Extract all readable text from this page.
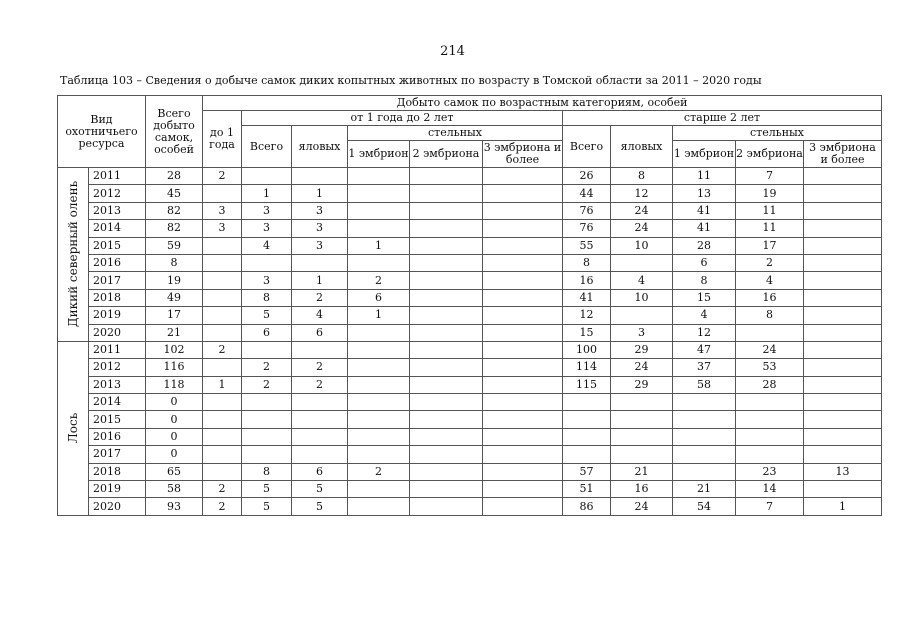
214
Таблица 103 – Сведения о добыче самок диких копытных животных по возрасту в Томской области за 2011 – 2020 годы
Вид охотничьего ресурса		Всего добыто самок, особей	Добыто самок по возрастным категориям, особей										
			до 1 года	от 1 года до 2 лет					старше 2 лет				
				Всего	яловых	стельных			Всего	яловых	стельных		
						1 эмбрион	2 эмбриона	3 эмбриона и более			1 эмбрион	2 эмбриона	3 эмбриона и более

Дикий северный олень	2011	28	2						26	8	11	7	
	2012	45		1	1				44	12	13	19	
	2013	82	3	3	3				76	24	41	11	
	2014	82	3	3	3				76	24	41	11	
	2015	59		4	3	1			55	10	28	17	
	2016	8							8		6	2	
	2017	19		3	1	2			16	4	8	4	
	2018	49		8	2	6			41	10	15	16	
	2019	17		5	4	1			12		4	8	
	2020	21		6	6				15	3	12		

Лось	2011	102	2						100	29	47	24	
	2012	116		2	2				114	24	37	53	
	2013	118	1	2	2				115	29	58	28	
	2014	0											
	2015	0											
	2016	0											
	2017	0											
	2018	65		8	6	2			57	21		23	13
	2019	58	2	5	5				51	16	21	14	
	2020	93	2	5	5				86	24	54	7	1
